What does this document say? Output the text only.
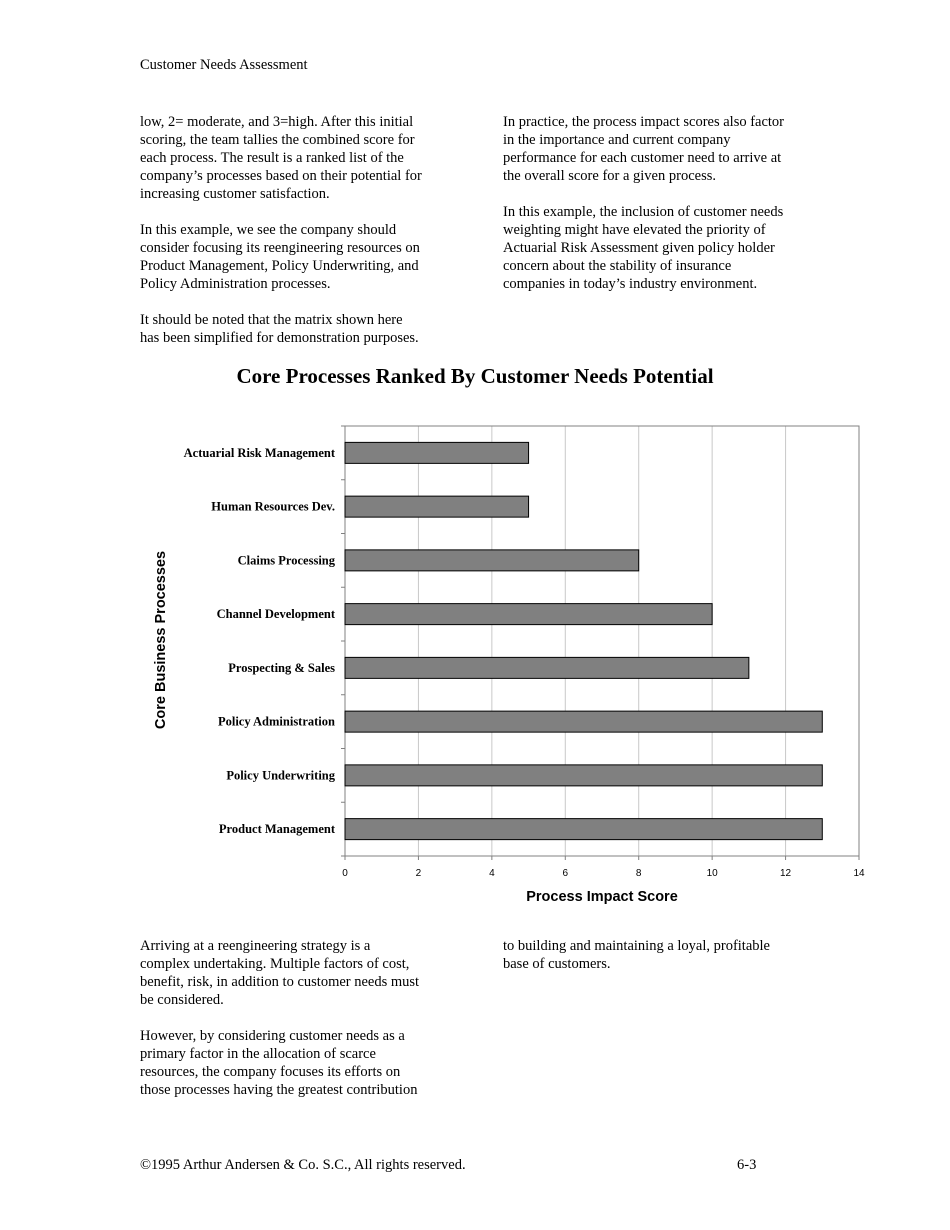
Customer Needs Assessment

low, 2= moderate, and 3=high. After this initial
scoring, the team tallies the combined score for
each process. The result is a ranked list of the
company’s processes based on their potential for
increasing customer satisfaction.

In this example, we see the company should
consider focusing its reengineering resources on
Product Management, Policy Underwriting, and
Policy Administration processes.

It should be noted that the matrix shown here
has been simplified for demonstration purposes.

In practice, the process impact scores also factor
in the importance and current company
performance for each customer need to arrive at
the overall score for a given process.

In this example, the inclusion of customer needs
weighting might have elevated the priority of
Actuarial Risk Assessment given policy holder
concern about the stability of insurance
companies in today’s industry environment.

Core Processes Ranked By Customer Needs Potential
Actuarial Risk Management
Human Resources Dev.
Claims Processing
Channel Development
Prospecting & Sales
Policy Administration
Policy Underwriting
Product Management
0	2	4	6	8	10	12	14
Process Impact Score
Core Business Processes

Arriving at a reengineering strategy is a
complex undertaking. Multiple factors of cost,
benefit, risk, in addition to customer needs must
be considered.

However, by considering customer needs as a
primary factor in the allocation of scarce
resources, the company focuses its efforts on
those processes having the greatest contribution

to building and maintaining a loyal, profitable
base of customers.

©1995 Arthur Andersen & Co. S.C., All rights reserved.	6-3
